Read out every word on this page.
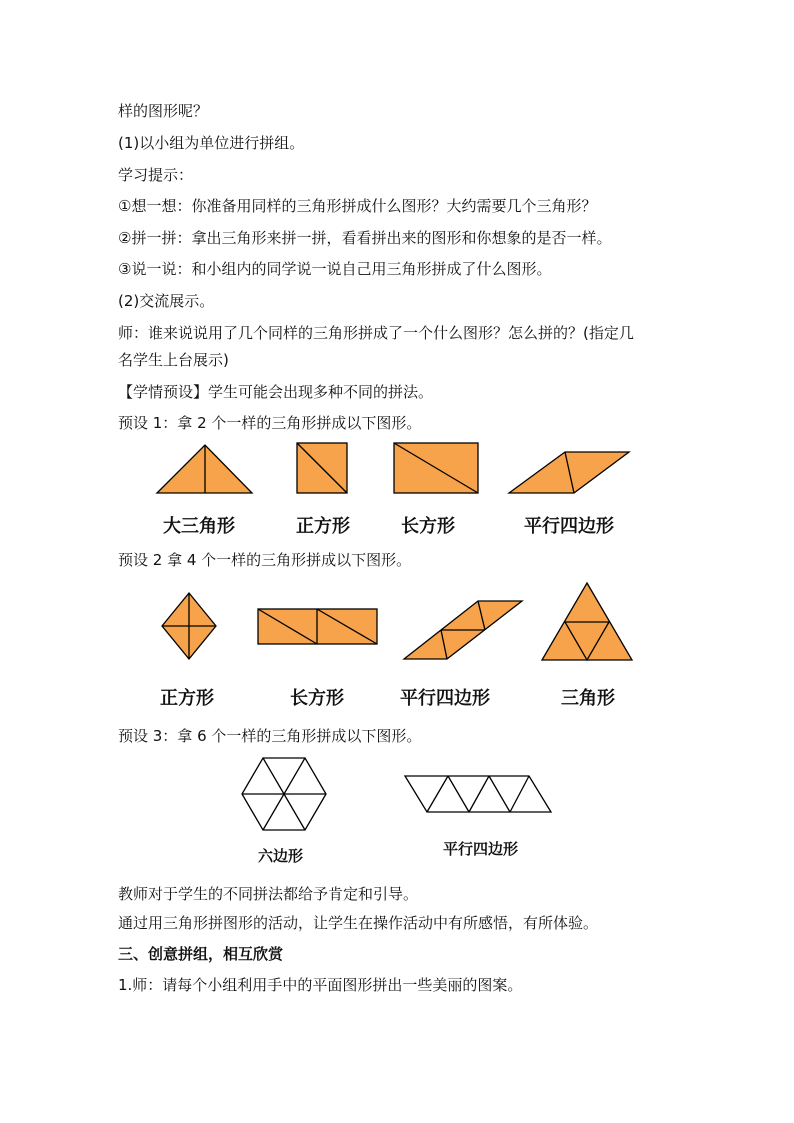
样的图形呢？
(1)以小组为单位进行拼组。
学习提示：
①想一想：你准备用同样的三角形拼成什么图形？大约需要几个三角形？
②拼一拼：拿出三角形来拼一拼，看看拼出来的图形和你想象的是否一样。
③说一说：和小组内的同学说一说自己用三角形拼成了什么图形。
(2)交流展示。
师：谁来说说用了几个同样的三角形拼成了一个什么图形？怎么拼的？(指定几
名学生上台展示)
【学情预设】学生可能会出现多种不同的拼法。
预设 1：拿 2 个一样的三角形拼成以下图形。
预设 2 拿 4 个一样的三角形拼成以下图形。
预设 3：拿 6 个一样的三角形拼成以下图形。
教师对于学生的不同拼法都给予肯定和引导。
通过用三角形拼图形的活动，让学生在操作活动中有所感悟，有所体验。
三、创意拼组，相互欣赏
1.师：请每个小组利用手中的平面图形拼出一些美丽的图案。
大三角形	正方形	长方形	平行四边形
正方形	长方形	平行四边形	三角形
六边形	平行四边形
